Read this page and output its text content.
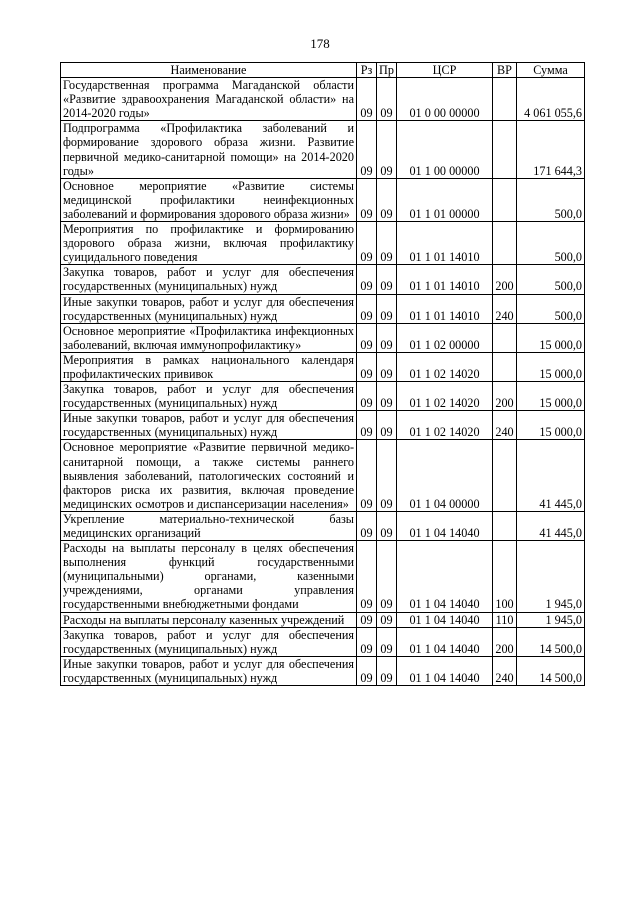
178
Наименование	Рз	Пр	ЦСР	ВР	Сумма
Государственная программа Магаданской области «Развитие здравоохранения Магаданской области» на 2014-2020 годы»	09	09	01 0 00 00000		4 061 055,6
Подпрограмма «Профилактика заболеваний и формирование здорового образа жизни. Развитие первичной медико-санитарной помощи» на 2014-2020 годы»	09	09	01 1 00 00000		171 644,3
Основное мероприятие «Развитие системы медицинской профилактики неинфекционных заболеваний и формирования здорового образа жизни»	09	09	01 1 01 00000		500,0
Мероприятия по профилактике и формированию здорового образа жизни, включая профилактику суицидального поведения	09	09	01 1 01 14010		500,0
Закупка товаров, работ и услуг для обеспечения государственных (муниципальных) нужд	09	09	01 1 01 14010	200	500,0
Иные закупки товаров, работ и услуг для обеспечения государственных (муниципальных) нужд	09	09	01 1 01 14010	240	500,0
Основное мероприятие «Профилактика инфекционных заболеваний, включая иммунопрофилактику»	09	09	01 1 02 00000		15 000,0
Мероприятия в рамках национального календаря профилактических прививок	09	09	01 1 02 14020		15 000,0
Закупка товаров, работ и услуг для обеспечения государственных (муниципальных) нужд	09	09	01 1 02 14020	200	15 000,0
Иные закупки товаров, работ и услуг для обеспечения государственных (муниципальных) нужд	09	09	01 1 02 14020	240	15 000,0
Основное мероприятие «Развитие первичной медико-санитарной помощи, а также системы раннего выявления заболеваний, патологических состояний и факторов риска их развития, включая проведение медицинских осмотров и диспансеризации населения»	09	09	01 1 04 00000		41 445,0
Укрепление материально-технической базы медицинских организаций	09	09	01 1 04 14040		41 445,0
Расходы на выплаты персоналу в целях обеспечения выполнения функций государственными (муниципальными) органами, казенными учреждениями, органами управления государственными внебюджетными фондами	09	09	01 1 04 14040	100	1 945,0
Расходы на выплаты персоналу казенных учреждений	09	09	01 1 04 14040	110	1 945,0
Закупка товаров, работ и услуг для обеспечения государственных (муниципальных) нужд	09	09	01 1 04 14040	200	14 500,0
Иные закупки товаров, работ и услуг для обеспечения государственных (муниципальных) нужд	09	09	01 1 04 14040	240	14 500,0
